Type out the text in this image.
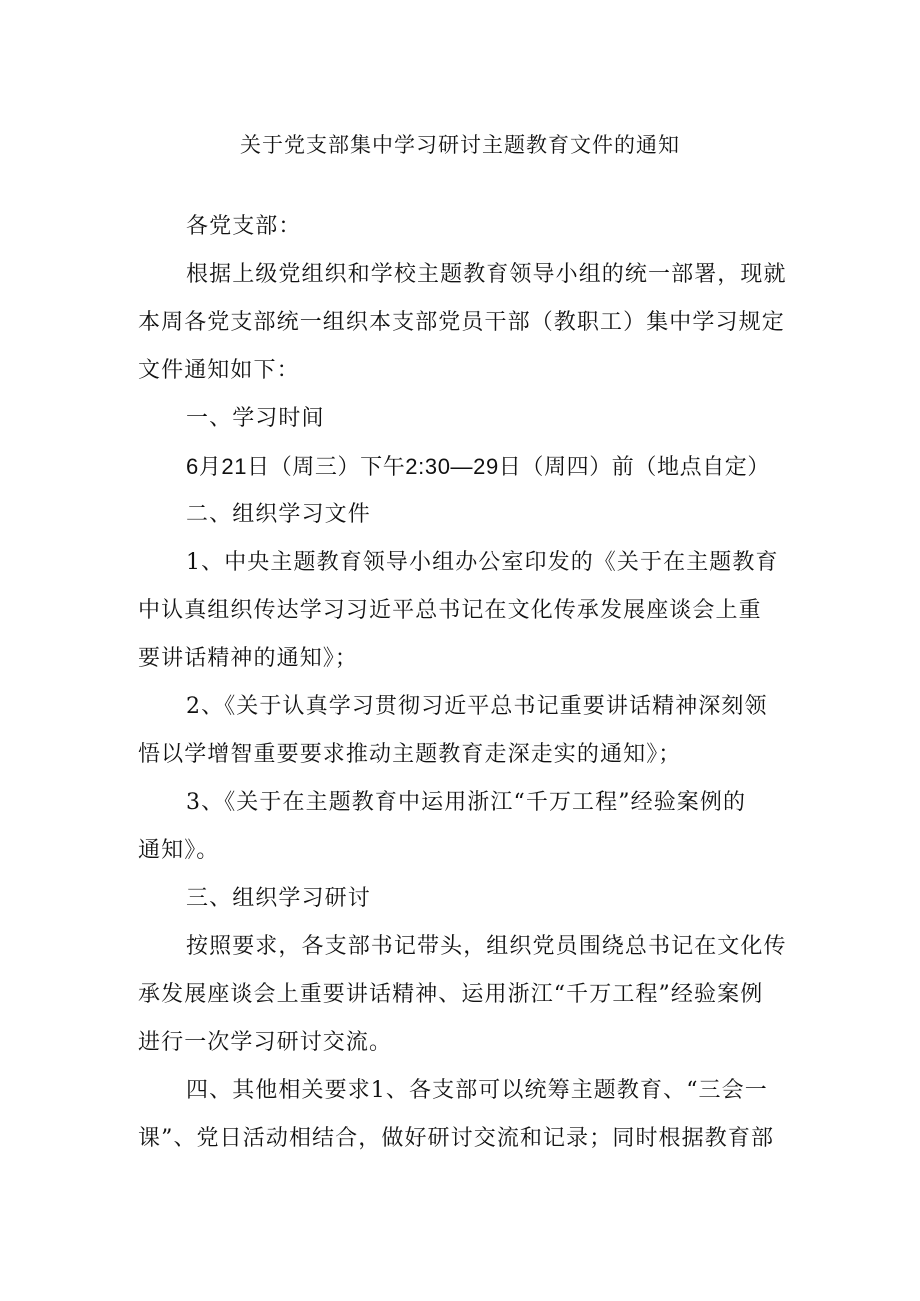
关于党支部集中学习研讨主题教育文件的通知

各党支部：

根据上级党组织和学校主题教育领导小组的统一部署，现就
本周各党支部统一组织本支部党员干部（教职工）集中学习规定
文件通知如下：

一、学习时间

6月21日（周三）下午2:30—29日（周四）前（地点自定）

二、组织学习文件

1、中央主题教育领导小组办公室印发的《关于在主题教育
中认真组织传达学习习近平总书记在文化传承发展座谈会上重
要讲话精神的通知》；

2、《关于认真学习贯彻习近平总书记重要讲话精神深刻领
悟以学增智重要要求推动主题教育走深走实的通知》；

3、《关于在主题教育中运用浙江“千万工程”经验案例的
通知》。

三、组织学习研讨

按照要求，各支部书记带头，组织党员围绕总书记在文化传
承发展座谈会上重要讲话精神、运用浙江“千万工程”经验案例
进行一次学习研讨交流。

四、其他相关要求1、各支部可以统筹主题教育、“三会一
课”、党日活动相结合，做好研讨交流和记录；同时根据教育部
